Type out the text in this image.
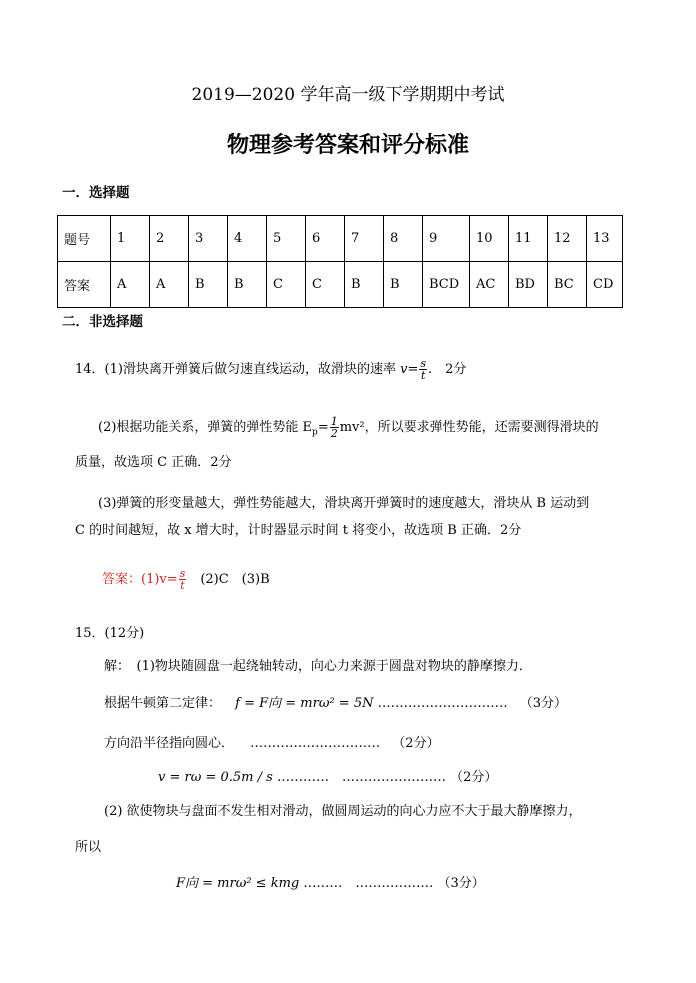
2019—2020 学年高一级下学期期中考试
物理参考答案和评分标准
一．选择题
题号	1	2	3	4	5	6	7	8	9	10	11	12	13
答案	A	A	B	B	C	C	B	B	BCD	AC	BD	BC	CD
二．非选择题
14．(1)滑块离开弹簧后做匀速直线运动，故滑块的速率 $v= \frac{s}{t}$ .　2分
(2)根据功能关系，弹簧的弹性势能 $E_p= \frac{1}{2} mv^2$，所以要求弹性势能，还需要测得滑块的
质量，故选项 C 正确．2分
(3)弹簧的形变量越大，弹性势能越大，滑块离开弹簧时的速度越大，滑块从 B 运动到
C 的时间越短，故 x 增大时，计时器显示时间 t 将变小，故选项 B 正确．2分
答案：$(1)v= \frac{s}{t}$ 　(2)C　(3)B
15．(12分)
解：　(1)物块随圆盘一起绕轴转动，向心力来源于圆盘对物块的静摩擦力．
根据牛顿第二定律： f = F向 = mrω² = 5N ………………………… （3分）
方向沿半径指向圆心． ………………………… （2分）
v = rω = 0.5m / s …………　…………………… （2分）
(2) 欲使物块与盘面不发生相对滑动，做圆周运动的向心力应不大于最大静摩擦力，
所以
F向 = mrω² ≤ kmg ………　……………… （3分）
